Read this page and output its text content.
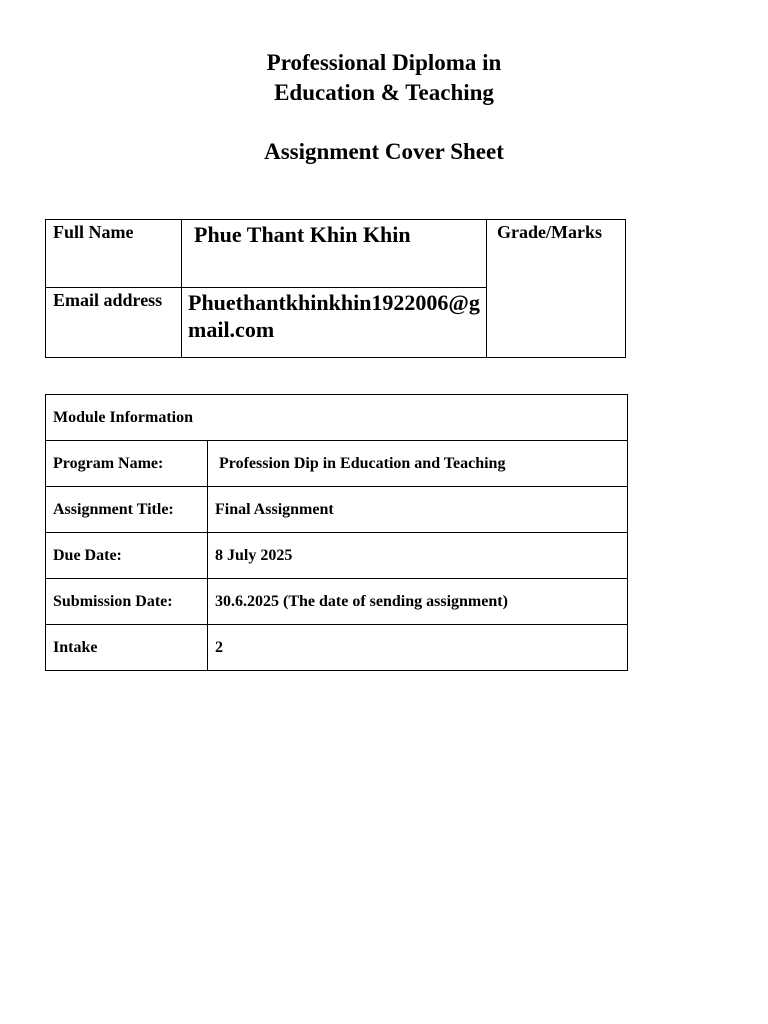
Professional Diploma in
Education & Teaching
Assignment Cover Sheet
Full Name	Phue Thant Khin Khin	Grade/Marks

Email address	Phuethantkhinkhin1922006@gmail.com	
Module Information	
Program Name:	Profession Dip in Education and Teaching
Assignment Title:	Final Assignment
Due Date:	8 July 2025
Submission Date:	30.6.2025 (The date of sending assignment)
Intake	2
